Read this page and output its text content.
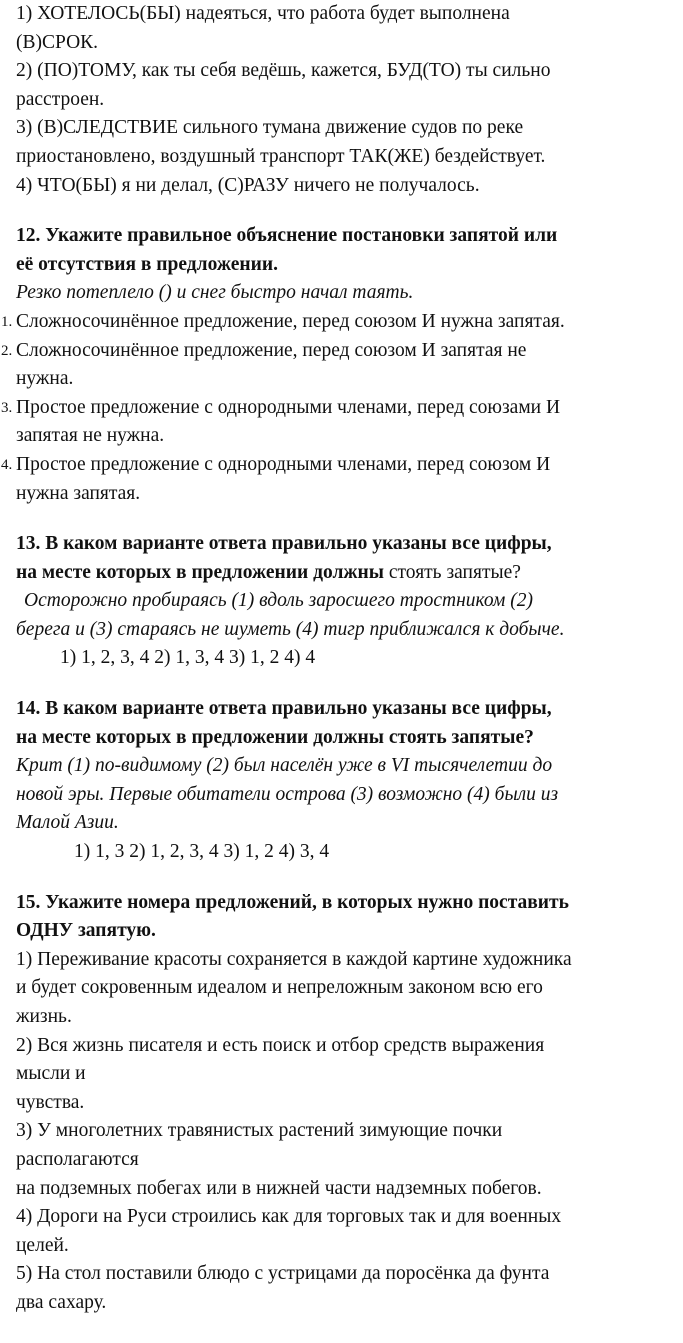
1) ХОТЕЛОСЬ(БЫ) надеяться, что работа будет выполнена
(В)СРОК.
2) (ПО)ТОМУ, как ты себя ведёшь, кажется, БУД(ТО) ты сильно
расстроен.
3) (В)СЛЕДСТВИЕ сильного тумана движение судов по реке
приостановлено, воздушный транспорт ТАК(ЖЕ) бездействует.
4) ЧТО(БЫ) я ни делал, (С)РАЗУ ничего не получалось.
12. Укажите правильное объяснение постановки запятой или
её отсутствия в предложении.
Резко потеплело () и снег быстро начал таять.
1. Сложносочинённое предложение, перед союзом И нужна запятая.
2. Сложносочинённое предложение, перед союзом И запятая не
нужна.
3. Простое предложение с однородными членами, перед союзами И
запятая не нужна.
4. Простое предложение с однородными членами, перед союзом И
нужна запятая.
13. В каком варианте ответа правильно указаны все цифры,
на месте которых в предложении должны стоять запятые?
Осторожно пробираясь (1) вдоль заросшего тростником (2)
берега и (3) стараясь не шуметь (4) тигр приближался к добыче.
1) 1, 2, 3, 4 2) 1, 3, 4 3) 1, 2 4) 4
14. В каком варианте ответа правильно указаны все цифры,
на месте которых в предложении должны стоять запятые?
Крит (1) по-видимому (2) был населён уже в VI тысячелетии до
новой эры. Первые обитатели острова (3) возможно (4) были из
Малой Азии.
1) 1, 3 2) 1, 2, 3, 4 3) 1, 2 4) 3, 4
15. Укажите номера предложений, в которых нужно поставить
ОДНУ запятую.
1) Переживание красоты сохраняется в каждой картине художника
и будет сокровенным идеалом и непреложным законом всю его
жизнь.
2) Вся жизнь писателя и есть поиск и отбор средств выражения
мысли и
чувства.
3) У многолетних травянистых растений зимующие почки
располагаются
на подземных побегах или в нижней части надземных побегов.
4) Дороги на Руси строились как для торговых так и для военных
целей.
5) На стол поставили блюдо с устрицами да поросёнка да фунта
два сахару.
